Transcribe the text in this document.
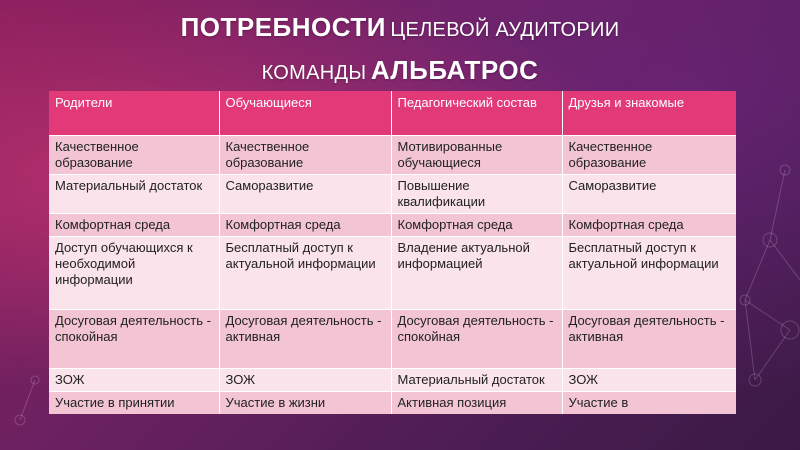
ПОТРЕБНОСТИ ЦЕЛЕВОЙ АУДИТОРИИ
КОМАНДЫ АЛЬБАТРОС
Родители	Обучающиеся	Педагогический состав	Друзья и знакомые
Качественное образование	Качественное образование	Мотивированные обучающиеся	Качественное образование
Материальный достаток	Саморазвитие	Повышение квалификации	Саморазвитие
Комфортная среда	Комфортная среда	Комфортная среда	Комфортная среда
Доступ обучающихся к необходимой информации	Бесплатный доступ к актуальной информации	Владение актуальной информацией	Бесплатный доступ к актуальной информации
Досуговая деятельность - спокойная	Досуговая деятельность - активная	Досуговая деятельность - спокойная	Досуговая деятельность - активная
ЗОЖ	ЗОЖ	Материальный достаток	ЗОЖ
Участие в принятии	Участие в жизни	Активная позиция	Участие в
